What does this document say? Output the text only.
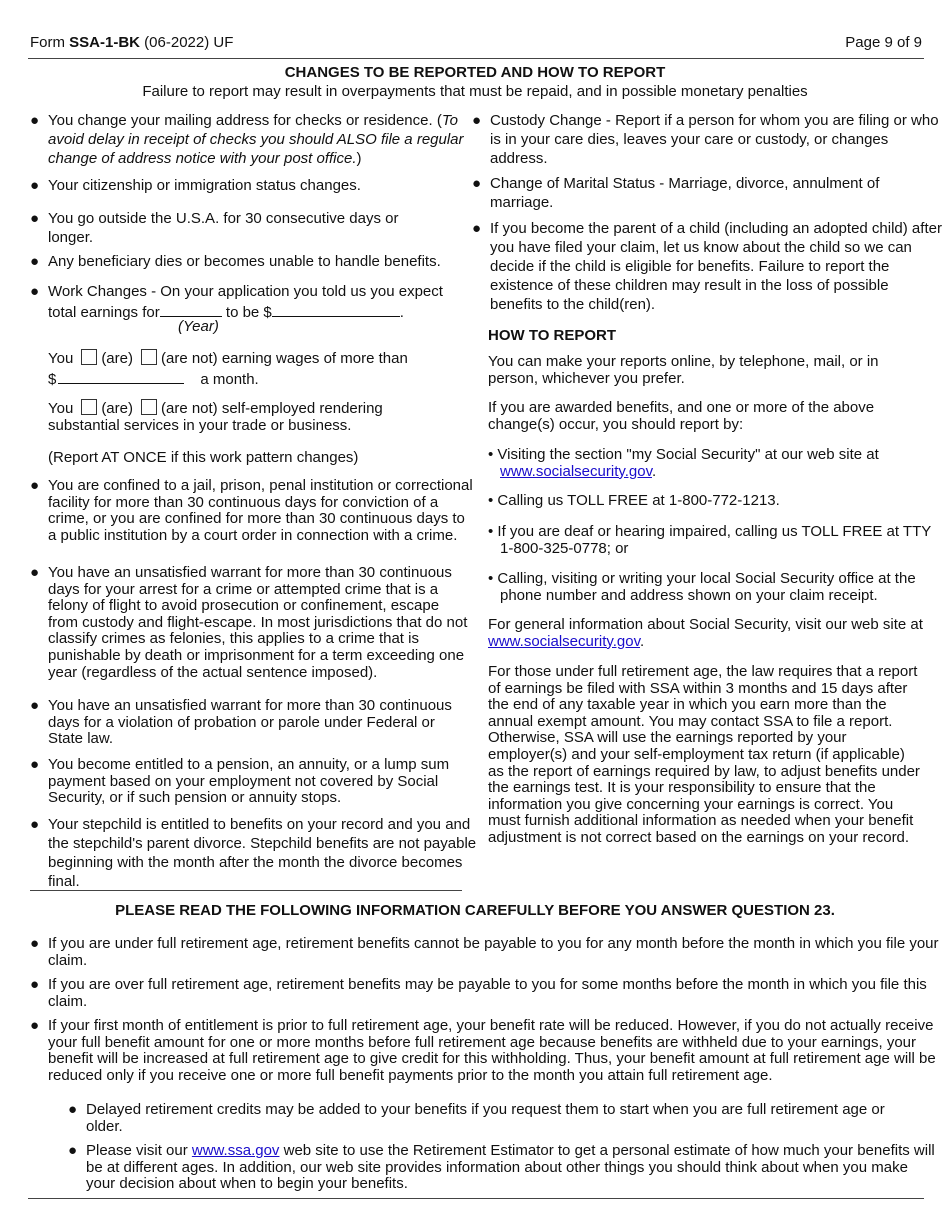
Form SSA-1-BK (06-2022) UF	Page 9 of 9
CHANGES TO BE REPORTED AND HOW TO REPORT
Failure to report may result in overpayments that must be repaid, and in possible monetary penalties
● You change your mailing address for checks or residence. (To avoid delay in receipt of checks you should ALSO file a regular change of address notice with your post office.)
● Your citizenship or immigration status changes.
● You go outside the U.S.A. for 30 consecutive days or longer.
● Any beneficiary dies or becomes unable to handle benefits.
● Work Changes - On your application you told us you expect
total earnings for	to be $	.
(Year)
You (are) (are not) earning wages of more than
$	a month.
You (are) (are not) self-employed rendering
substantial services in your trade or business.
(Report AT ONCE if this work pattern changes)
● You are confined to a jail, prison, penal institution or correctional facility for more than 30 continuous days for conviction of a crime, or you are confined for more than 30 continuous days to a public institution by a court order in connection with a crime.
● You have an unsatisfied warrant for more than 30 continuous days for your arrest for a crime or attempted crime that is a felony of flight to avoid prosecution or confinement, escape from custody and flight-escape. In most jurisdictions that do not classify crimes as felonies, this applies to a crime that is punishable by death or imprisonment for a term exceeding one year (regardless of the actual sentence imposed).
● You have an unsatisfied warrant for more than 30 continuous days for a violation of probation or parole under Federal or State law.
● You become entitled to a pension, an annuity, or a lump sum payment based on your employment not covered by Social Security, or if such pension or annuity stops.
● Your stepchild is entitled to benefits on your record and you and the stepchild's parent divorce. Stepchild benefits are not payable beginning with the month after the month the divorce becomes final.
● Custody Change - Report if a person for whom you are filing or who is in your care dies, leaves your care or custody, or changes address.
● Change of Marital Status - Marriage, divorce, annulment of marriage.
● If you become the parent of a child (including an adopted child) after you have filed your claim, let us know about the child so we can decide if the child is eligible for benefits. Failure to report the existence of these children may result in the loss of possible benefits to the child(ren).
HOW TO REPORT
You can make your reports online, by telephone, mail, or in person, whichever you prefer.
If you are awarded benefits, and one or more of the above change(s) occur, you should report by:
• Visiting the section "my Social Security" at our web site at www.socialsecurity.gov.
• Calling us TOLL FREE at 1-800-772-1213.
• If you are deaf or hearing impaired, calling us TOLL FREE at TTY 1-800-325-0778; or
• Calling, visiting or writing your local Social Security office at the phone number and address shown on your claim receipt.
For general information about Social Security, visit our web site at www.socialsecurity.gov.
For those under full retirement age, the law requires that a report of earnings be filed with SSA within 3 months and 15 days after the end of any taxable year in which you earn more than the annual exempt amount. You may contact SSA to file a report. Otherwise, SSA will use the earnings reported by your employer(s) and your self-employment tax return (if applicable) as the report of earnings required by law, to adjust benefits under the earnings test. It is your responsibility to ensure that the information you give concerning your earnings is correct. You must furnish additional information as needed when your benefit adjustment is not correct based on the earnings on your record.
PLEASE READ THE FOLLOWING INFORMATION CAREFULLY BEFORE YOU ANSWER QUESTION 23.
● If you are under full retirement age, retirement benefits cannot be payable to you for any month before the month in which you file your claim.
● If you are over full retirement age, retirement benefits may be payable to you for some months before the month in which you file this claim.
● If your first month of entitlement is prior to full retirement age, your benefit rate will be reduced. However, if you do not actually receive your full benefit amount for one or more months before full retirement age because benefits are withheld due to your earnings, your benefit will be increased at full retirement age to give credit for this withholding. Thus, your benefit amount at full retirement age will be reduced only if you receive one or more full benefit payments prior to the month you attain full retirement age.
● Delayed retirement credits may be added to your benefits if you request them to start when you are full retirement age or older.
● Please visit our www.ssa.gov web site to use the Retirement Estimator to get a personal estimate of how much your benefits will be at different ages. In addition, our web site provides information about other things you should think about when you make your decision about when to begin your benefits.
